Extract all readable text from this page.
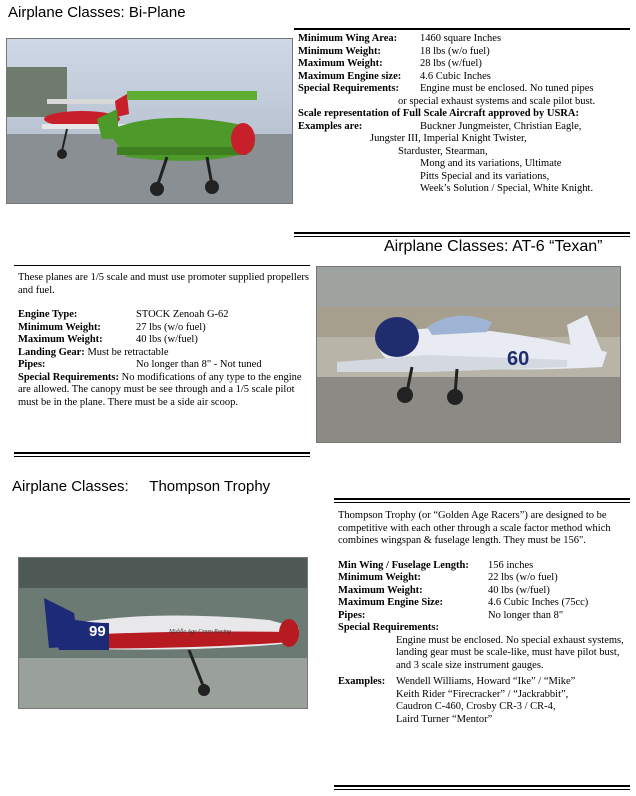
Airplane Classes: Bi-Plane
Minimum Wing Area:	1460 square Inches
Minimum Weight:	18 lbs (w/o fuel)
Maximum Weight:	28 lbs (w/fuel)
Maximum Engine size:	4.6 Cubic Inches
Special Requirements:	Engine must be enclosed. No tuned pipes
or special exhaust systems and scale pilot bust.
Scale representation of Full Scale Aircraft approved by USRA:
Examples are:	Buckner Jungmeister, Christian Eagle,
Jungster III, Imperial Knight Twister,
Starduster, Stearman,
Mong and its variations, Ultimate
Pitts Special and its variations,
Week’s Solution / Special, White Knight.
Airplane Classes: AT-6 “Texan”

These planes are 1/5 scale and must use promoter supplied propellers and fuel.

Engine Type:	STOCK Zenoah G-62
Minimum Weight:	27 lbs (w/o fuel)
Maximum Weight:	40 lbs (w/fuel)
Landing Gear: Must be retractable
Pipes:	No longer than 8" - Not tuned

Special Requirements: No modifications of any type to the engine are allowed. The canopy must be see through and a 1/5 scale pilot must be in the plane. There must be a side air scoop.

60
Airplane Classes:     Thompson Trophy
99	Middle Age Crazy Racing

Thompson Trophy (or “Golden Age Racers”) are designed to be competitive with each other through a scale factor method which combines wingspan & fuselage length. They must be 156".

Min Wing / Fuselage Length:	156 inches
Minimum Weight:	22 lbs (w/o fuel)
Maximum Weight:	40 lbs (w/fuel)
Maximum Engine Size:	4.6 Cubic Inches (75cc)
Pipes:	No longer than 8"
Special Requirements:

Engine must be enclosed. No special exhaust systems, landing gear must be scale-like, must have pilot bust, and 3 scale size instrument gauges.

Examples:	Wendell Williams, Howard “Ike” / “Mike”
Keith Rider “Firecracker” / “Jackrabbit”,
Caudron C-460, Crosby CR-3 / CR-4,
Laird Turner “Mentor”
